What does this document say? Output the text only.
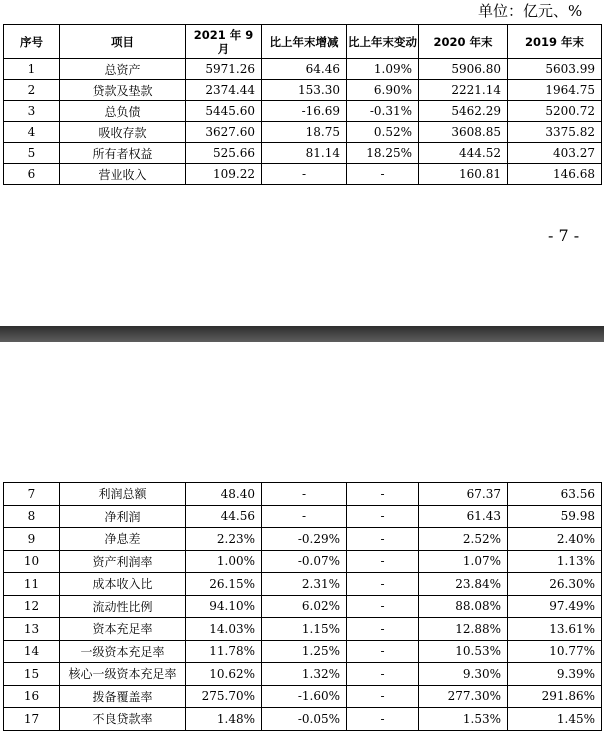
单位：亿元、%
序号	项目	2021 年 9 月	比上年末增减	比上年末变动	2020 年末	2019 年末
1	总资产	5971.26	64.46	1.09%	5906.80	5603.99
2	贷款及垫款	2374.44	153.30	6.90%	2221.14	1964.75
3	总负债	5445.60	-16.69	-0.31%	5462.29	5200.72
4	吸收存款	3627.60	18.75	0.52%	3608.85	3375.82
5	所有者权益	525.66	81.14	18.25%	444.52	403.27
6	营业收入	109.22	-	-	160.81	146.68
- 7 -
7	利润总额	48.40	-	-	67.37	63.56
8	净利润	44.56	-	-	61.43	59.98
9	净息差	2.23%	-0.29%	-	2.52%	2.40%
10	资产利润率	1.00%	-0.07%	-	1.07%	1.13%
11	成本收入比	26.15%	2.31%	-	23.84%	26.30%
12	流动性比例	94.10%	6.02%	-	88.08%	97.49%
13	资本充足率	14.03%	1.15%	-	12.88%	13.61%
14	一级资本充足率	11.78%	1.25%	-	10.53%	10.77%
15	核心一级资本充足率	10.62%	1.32%	-	9.30%	9.39%
16	拨备覆盖率	275.70%	-1.60%	-	277.30%	291.86%
17	不良贷款率	1.48%	-0.05%	-	1.53%	1.45%
